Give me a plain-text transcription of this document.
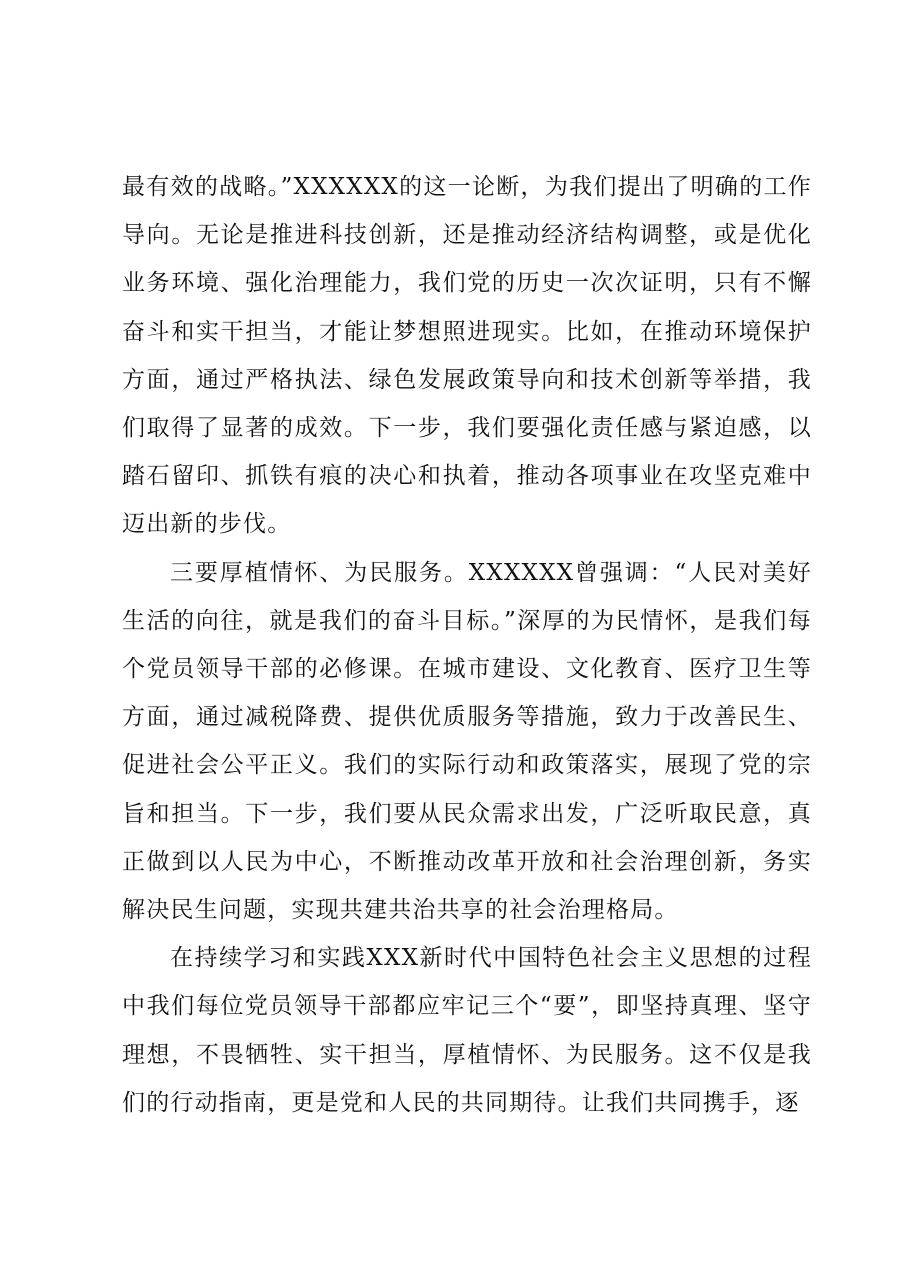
最有效的战略。”XXXXXX的这一论断，为我们提出了明确的工作导向。无论是推进科技创新，还是推动经济结构调整，或是优化业务环境、强化治理能力，我们党的历史一次次证明，只有不懈奋斗和实干担当，才能让梦想照进现实。比如，在推动环境保护方面，通过严格执法、绿色发展政策导向和技术创新等举措，我们取得了显著的成效。下一步，我们要强化责任感与紧迫感，以踏石留印、抓铁有痕的决心和执着，推动各项事业在攻坚克难中迈出新的步伐。

三要厚植情怀、为民服务。XXXXXX曾强调：“人民对美好生活的向往，就是我们的奋斗目标。”深厚的为民情怀，是我们每个党员领导干部的必修课。在城市建设、文化教育、医疗卫生等方面，通过减税降费、提供优质服务等措施，致力于改善民生、促进社会公平正义。我们的实际行动和政策落实，展现了党的宗旨和担当。下一步，我们要从民众需求出发，广泛听取民意，真正做到以人民为中心，不断推动改革开放和社会治理创新，务实解决民生问题，实现共建共治共享的社会治理格局。

在持续学习和实践XXX新时代中国特色社会主义思想的过程中我们每位党员领导干部都应牢记三个“要”，即坚持真理、坚守理想，不畏牺牲、实干担当，厚植情怀、为民服务。这不仅是我们的行动指南，更是党和人民的共同期待。让我们共同携手，逐
